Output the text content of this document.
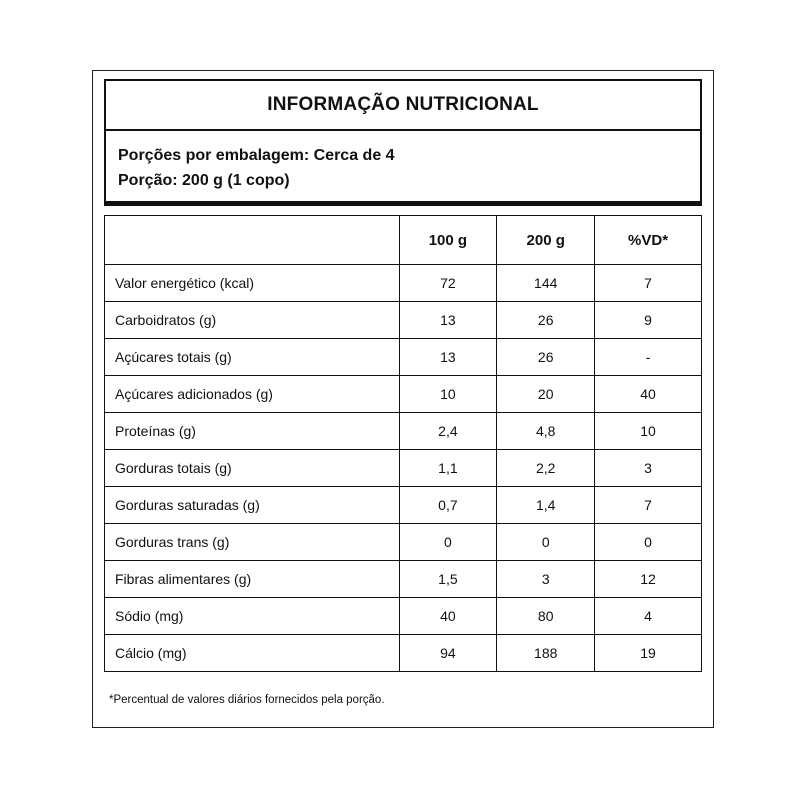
INFORMAÇÃO NUTRICIONAL
Porções por embalagem: Cerca de 4
Porção: 200 g (1 copo)
	100 g	200 g	%VD*
Valor energético (kcal)	72	144	7
Carboidratos (g)	13	26	9
Açúcares totais (g)	13	26	-
Açúcares adicionados (g)	10	20	40
Proteínas (g)	2,4	4,8	10
Gorduras totais (g)	1,1	2,2	3
Gorduras saturadas (g)	0,7	1,4	7
Gorduras trans (g)	0	0	0
Fibras alimentares (g)	1,5	3	12
Sódio (mg)	40	80	4
Cálcio (mg)	94	188	19
*Percentual de valores diários fornecidos pela porção.
